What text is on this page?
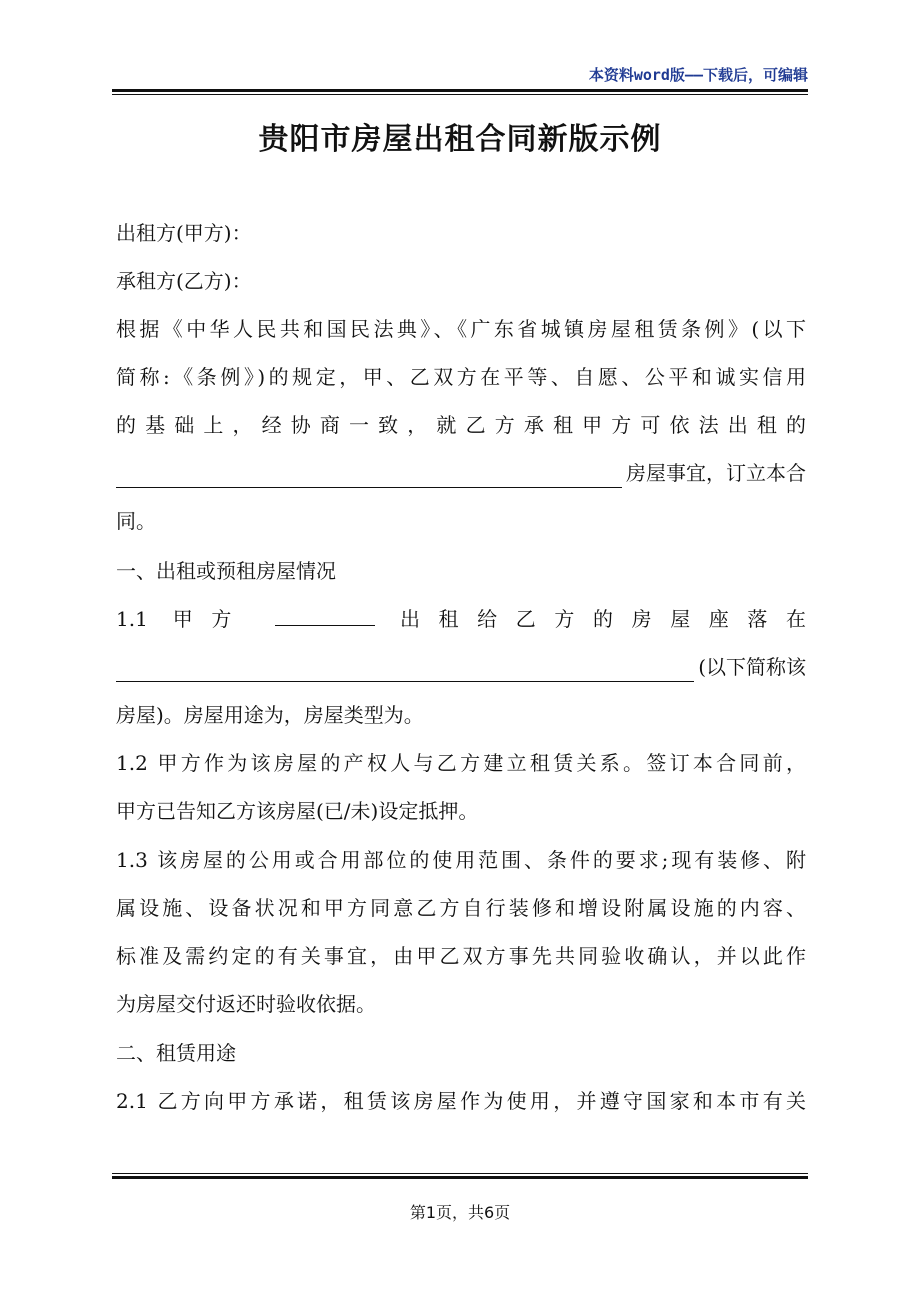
本资料word版——下载后，可编辑
贵阳市房屋出租合同新版示例
出租方(甲方)：
承租方(乙方)：
根据《中华人民共和国民法典》、《广东省城镇房屋租赁条例》(以下
简称:《条例》)的规定，甲、乙双方在平等、自愿、公平和诚实信用
的基础上，经协商一致，就乙方承租甲方可依法出租的
房屋事宜，订立本合
同。
一、出租或预租房屋情况
1.1 甲方	出租给乙方的房屋座落在
(以下简称该
房屋)。房屋用途为，房屋类型为。
1.2 甲方作为该房屋的产权人与乙方建立租赁关系。签订本合同前，
甲方已告知乙方该房屋(已/未)设定抵押。
1.3 该房屋的公用或合用部位的使用范围、条件的要求;现有装修、附
属设施、设备状况和甲方同意乙方自行装修和增设附属设施的内容、
标准及需约定的有关事宜，由甲乙双方事先共同验收确认，并以此作
为房屋交付返还时验收依据。
二、租赁用途
2.1 乙方向甲方承诺，租赁该房屋作为使用，并遵守国家和本市有关
第1页，共6页
